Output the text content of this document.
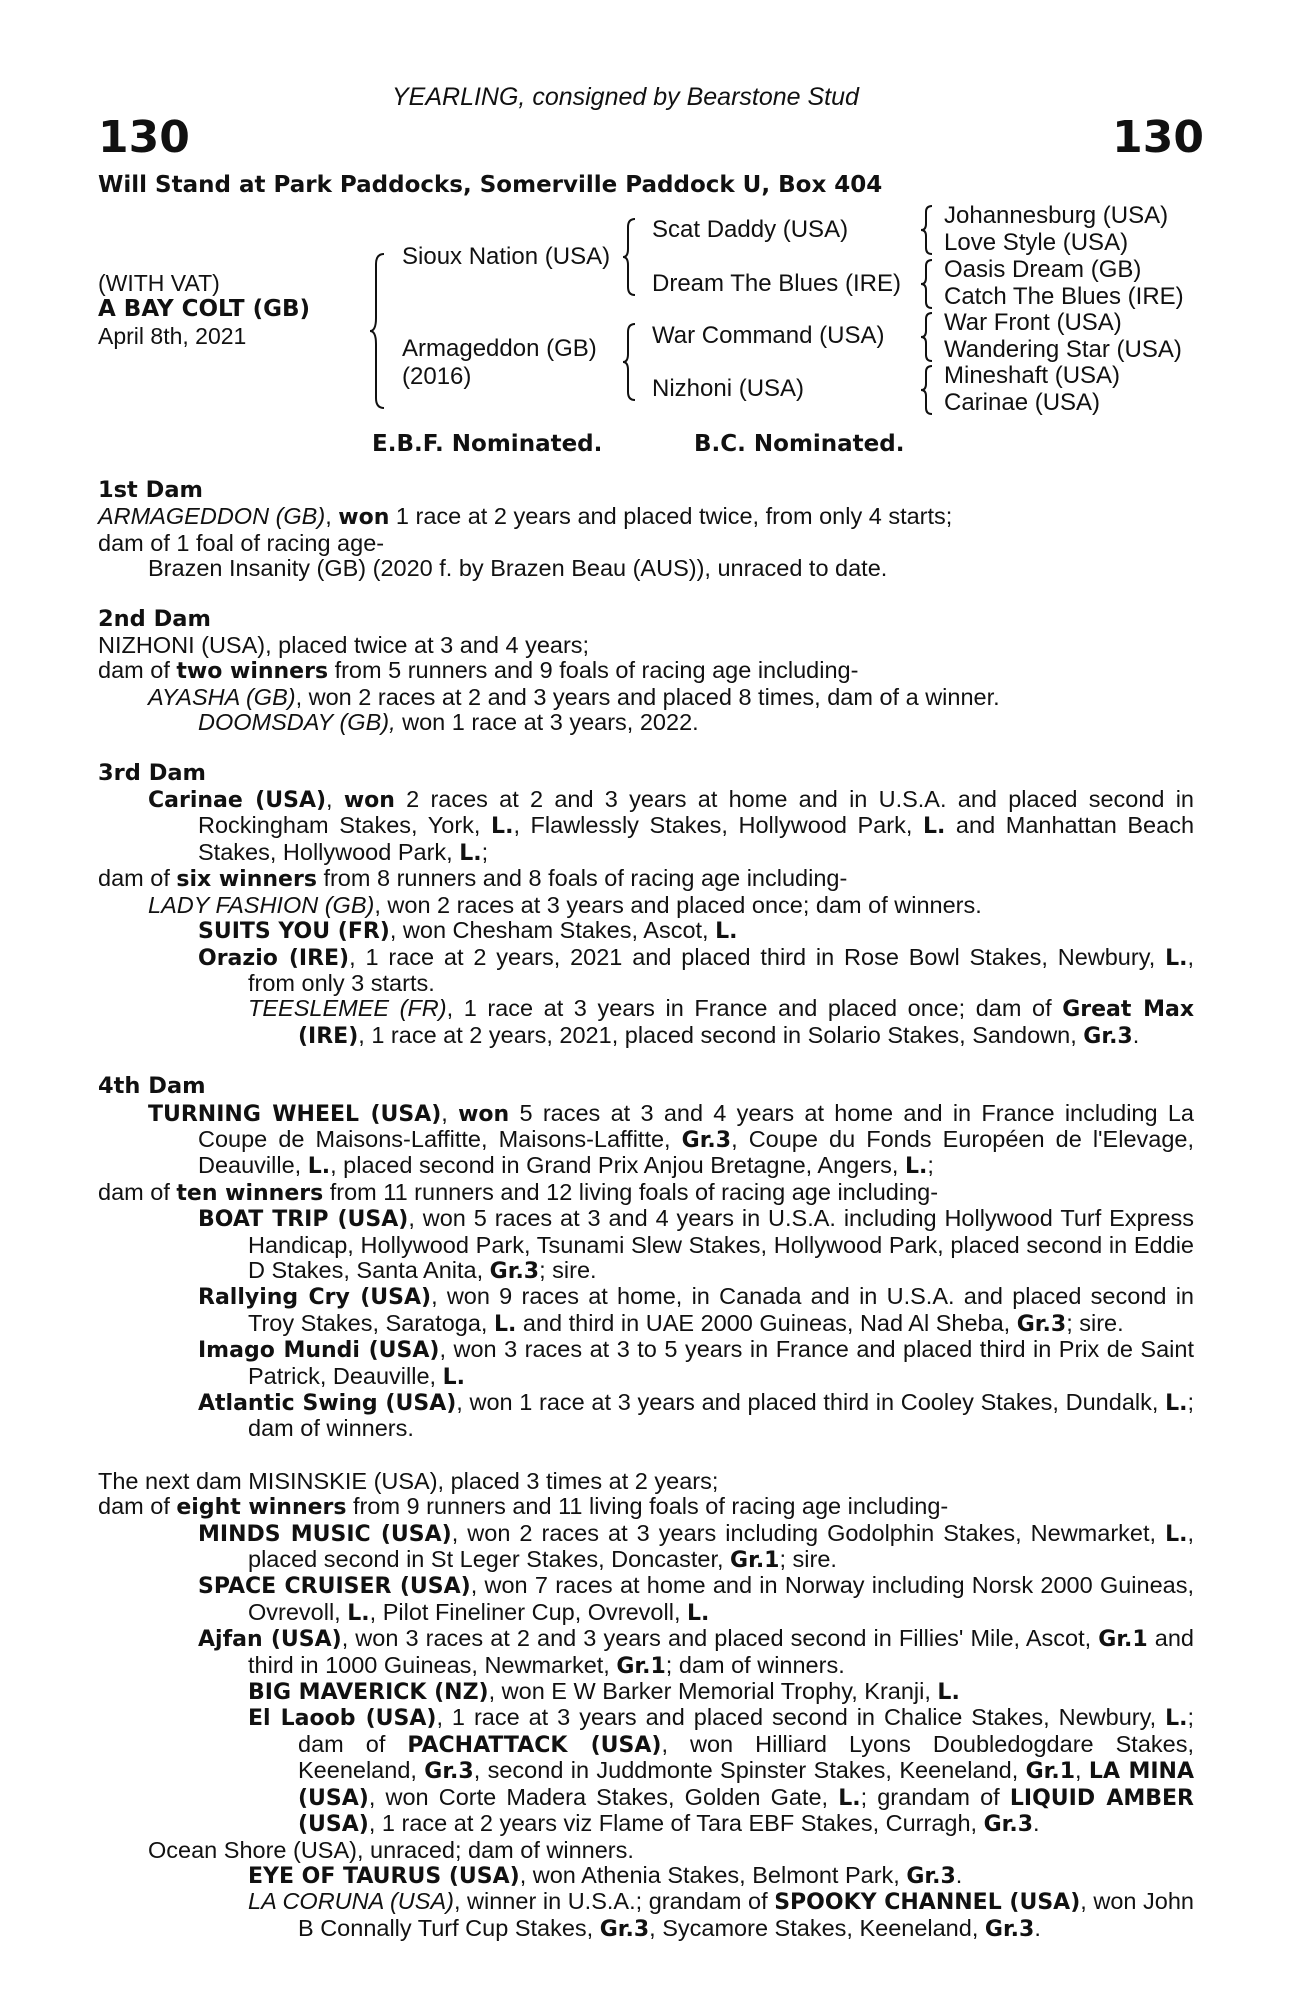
130	130
YEARLING, consigned by Bearstone Stud
Will Stand at Park Paddocks, Somerville Paddock U, Box 404
(WITH VAT)
A BAY COLT (GB)
April 8th, 2021
Sioux Nation (USA)
Armageddon (GB)
(2016)
Scat Daddy (USA)
Dream The Blues (IRE)
War Command (USA)
Nizhoni (USA)
Johannesburg (USA)
Love Style (USA)
Oasis Dream (GB)
Catch The Blues (IRE)
War Front (USA)
Wandering Star (USA)
Mineshaft (USA)
Carinae (USA)
E.B.F. Nominated.	B.C. Nominated.
1st Dam
ARMAGEDDON (GB), won 1 race at 2 years and placed twice, from only 4 starts;
dam of 1 foal of racing age-
Brazen Insanity (GB) (2020 f. by Brazen Beau (AUS)), unraced to date.
2nd Dam
NIZHONI (USA), placed twice at 3 and 4 years;
dam of two winners from 5 runners and 9 foals of racing age including-
AYASHA (GB), won 2 races at 2 and 3 years and placed 8 times, dam of a winner.
DOOMSDAY (GB), won 1 race at 3 years, 2022.
3rd Dam
Carinae (USA), won 2 races at 2 and 3 years at home and in U.S.A. and placed second in Rockingham Stakes, York, L., Flawlessly Stakes, Hollywood Park, L. and Manhattan Beach Stakes, Hollywood Park, L.;
dam of six winners from 8 runners and 8 foals of racing age including-
LADY FASHION (GB), won 2 races at 3 years and placed once; dam of winners.
SUITS YOU (FR), won Chesham Stakes, Ascot, L.
Orazio (IRE), 1 race at 2 years, 2021 and placed third in Rose Bowl Stakes, Newbury, L., from only 3 starts.
TEESLEMEE (FR), 1 race at 3 years in France and placed once; dam of Great Max (IRE), 1 race at 2 years, 2021, placed second in Solario Stakes, Sandown, Gr.3.
4th Dam
TURNING WHEEL (USA), won 5 races at 3 and 4 years at home and in France including La Coupe de Maisons-Laffitte, Maisons-Laffitte, Gr.3, Coupe du Fonds Européen de l'Elevage, Deauville, L., placed second in Grand Prix Anjou Bretagne, Angers, L.;
dam of ten winners from 11 runners and 12 living foals of racing age including-
BOAT TRIP (USA), won 5 races at 3 and 4 years in U.S.A. including Hollywood Turf Express Handicap, Hollywood Park, Tsunami Slew Stakes, Hollywood Park, placed second in Eddie D Stakes, Santa Anita, Gr.3; sire.
Rallying Cry (USA), won 9 races at home, in Canada and in U.S.A. and placed second in Troy Stakes, Saratoga, L. and third in UAE 2000 Guineas, Nad Al Sheba, Gr.3; sire.
Imago Mundi (USA), won 3 races at 3 to 5 years in France and placed third in Prix de Saint Patrick, Deauville, L.
Atlantic Swing (USA), won 1 race at 3 years and placed third in Cooley Stakes, Dundalk, L.; dam of winners.
The next dam MISINSKIE (USA), placed 3 times at 2 years;
dam of eight winners from 9 runners and 11 living foals of racing age including-
MINDS MUSIC (USA), won 2 races at 3 years including Godolphin Stakes, Newmarket, L., placed second in St Leger Stakes, Doncaster, Gr.1; sire.
SPACE CRUISER (USA), won 7 races at home and in Norway including Norsk 2000 Guineas, Ovrevoll, L., Pilot Fineliner Cup, Ovrevoll, L.
Ajfan (USA), won 3 races at 2 and 3 years and placed second in Fillies' Mile, Ascot, Gr.1 and third in 1000 Guineas, Newmarket, Gr.1; dam of winners.
BIG MAVERICK (NZ), won E W Barker Memorial Trophy, Kranji, L.
El Laoob (USA), 1 race at 3 years and placed second in Chalice Stakes, Newbury, L.; dam of PACHATTACK (USA), won Hilliard Lyons Doubledogdare Stakes, Keeneland, Gr.3, second in Juddmonte Spinster Stakes, Keeneland, Gr.1, LA MINA (USA), won Corte Madera Stakes, Golden Gate, L.; grandam of LIQUID AMBER (USA), 1 race at 2 years viz Flame of Tara EBF Stakes, Curragh, Gr.3.
Ocean Shore (USA), unraced; dam of winners.
EYE OF TAURUS (USA), won Athenia Stakes, Belmont Park, Gr.3.
LA CORUNA (USA), winner in U.S.A.; grandam of SPOOKY CHANNEL (USA), won John B Connally Turf Cup Stakes, Gr.3, Sycamore Stakes, Keeneland, Gr.3.
